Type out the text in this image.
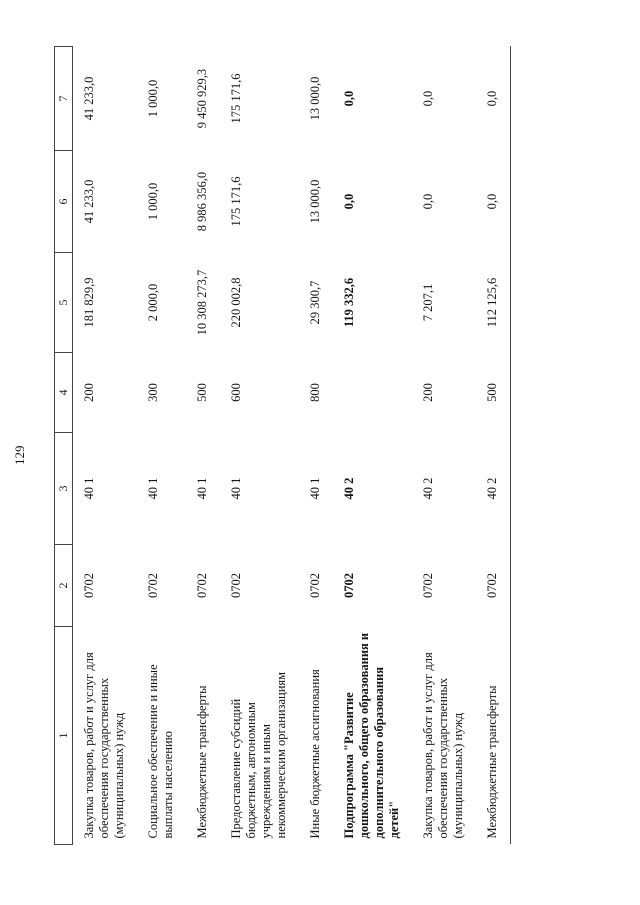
129
1	2	3	4	5	6	7
Закупка товаров, работ и услуг для обеспечения государственных (муниципальных) нужд	0702	40 1	200	181 829,9	41 233,0	41 233,0
Социальное обеспечение и иные выплаты населению	0702	40 1	300	2 000,0	1 000,0	1 000,0
Межбюджетные трансферты	0702	40 1	500	10 308 273,7	8 986 356,0	9 450 929,3
Предоставление субсидий бюджетным, автономным учреждениям и иным некоммерческим организациям	0702	40 1	600	220 002,8	175 171,6	175 171,6
Иные бюджетные ассигнования	0702	40 1	800	29 300,7	13 000,0	13 000,0
Подпрограмма "Развитие дошкольного, общего образования и дополнительного образования детей"	0702	40 2		119 332,6	0,0	0,0
Закупка товаров, работ и услуг для обеспечения государственных (муниципальных) нужд	0702	40 2	200	7 207,1	0,0	0,0
Межбюджетные трансферты	0702	40 2	500	112 125,6	0,0	0,0
